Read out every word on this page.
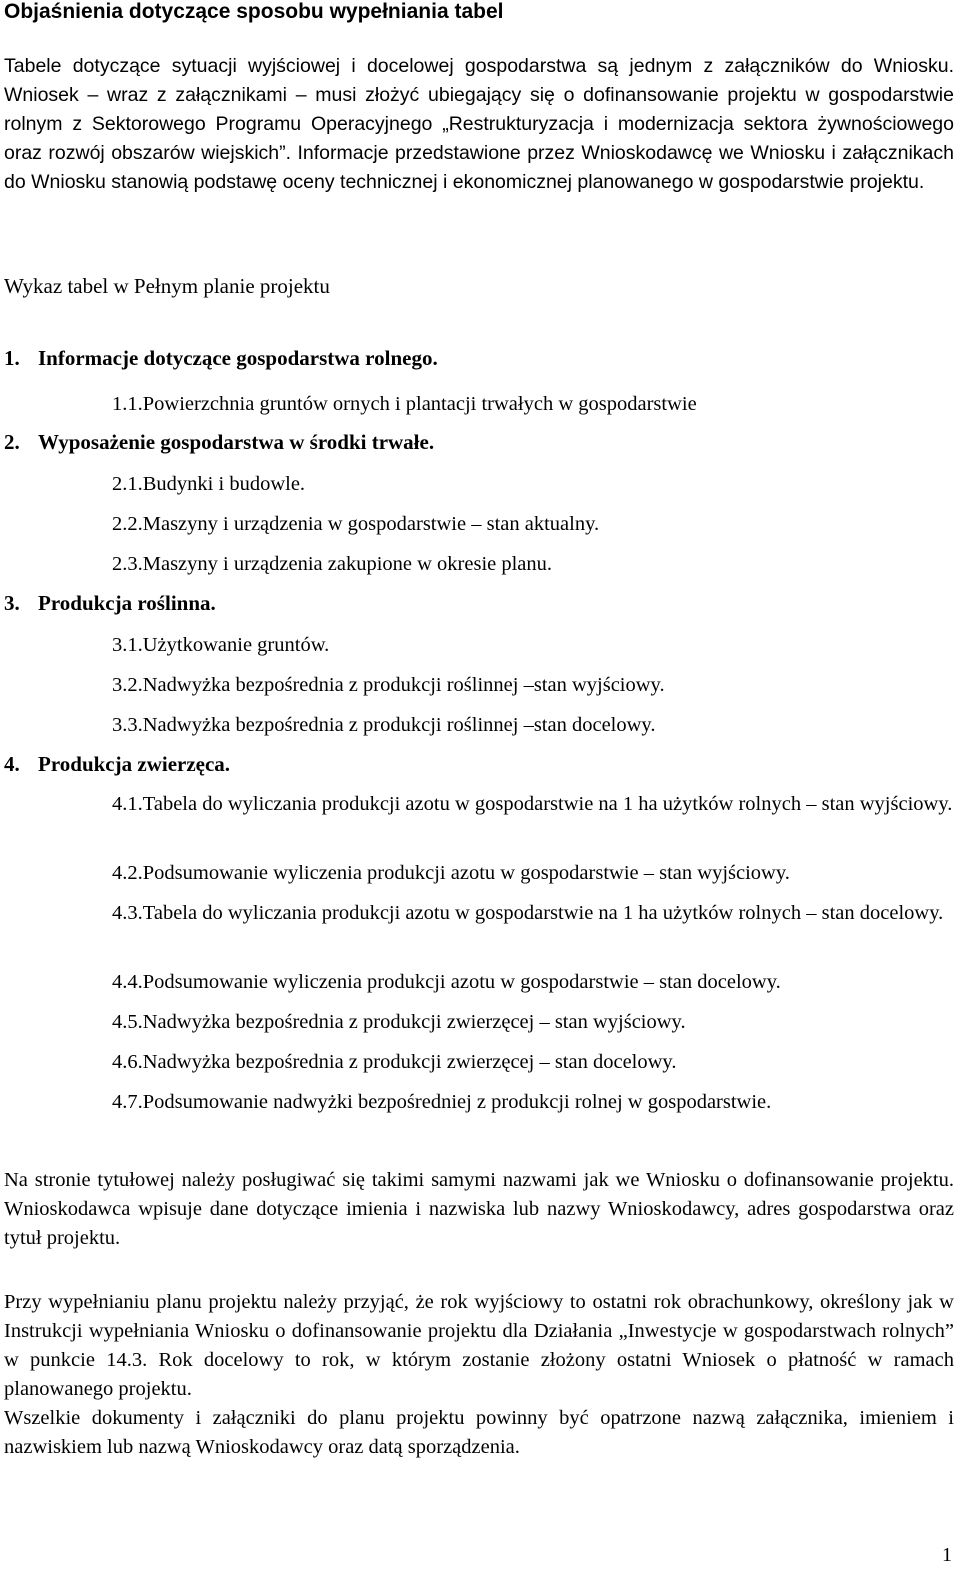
Objaśnienia dotyczące sposobu wypełniania tabel
Tabele dotyczące sytuacji wyjściowej i docelowej gospodarstwa są jednym z załączników do Wniosku. Wniosek – wraz z załącznikami – musi złożyć ubiegający się o dofinansowanie projektu w gospodarstwie rolnym z Sektorowego Programu Operacyjnego „Restrukturyzacja i modernizacja sektora żywnościowego oraz rozwój obszarów wiejskich”. Informacje przedstawione przez Wnioskodawcę we Wniosku i załącznikach do Wniosku stanowią podstawę oceny technicznej i ekonomicznej planowanego w gospodarstwie projektu.
Wykaz tabel w Pełnym planie projektu
1. Informacje dotyczące gospodarstwa rolnego.
1.1.Powierzchnia gruntów ornych i plantacji trwałych w gospodarstwie
2. Wyposażenie gospodarstwa w środki trwałe.
2.1.Budynki i budowle.
2.2.Maszyny i urządzenia w gospodarstwie – stan aktualny.
2.3.Maszyny i urządzenia zakupione w okresie planu.
3. Produkcja roślinna.
3.1.Użytkowanie gruntów.
3.2.Nadwyżka bezpośrednia z produkcji roślinnej –stan wyjściowy.
3.3.Nadwyżka bezpośrednia z produkcji roślinnej –stan docelowy.
4. Produkcja zwierzęca.
4.1.Tabela do wyliczania produkcji azotu w gospodarstwie na 1 ha użytków rolnych – stan wyjściowy.
4.2.Podsumowanie wyliczenia produkcji azotu w gospodarstwie – stan wyjściowy.
4.3.Tabela do wyliczania produkcji azotu w gospodarstwie na 1 ha użytków rolnych – stan docelowy.
4.4.Podsumowanie wyliczenia produkcji azotu w gospodarstwie – stan docelowy.
4.5.Nadwyżka bezpośrednia z produkcji zwierzęcej – stan wyjściowy.
4.6.Nadwyżka bezpośrednia z produkcji zwierzęcej – stan docelowy.
4.7.Podsumowanie nadwyżki bezpośredniej z produkcji rolnej w gospodarstwie.
Na stronie tytułowej należy posługiwać się takimi samymi nazwami jak we Wniosku o dofinansowanie projektu. Wnioskodawca wpisuje dane dotyczące imienia i nazwiska lub nazwy Wnioskodawcy, adres gospodarstwa oraz tytuł projektu.
Przy wypełnianiu planu projektu należy przyjąć, że rok wyjściowy to ostatni rok obrachunkowy, określony jak w Instrukcji wypełniania Wniosku o dofinansowanie projektu dla Działania „Inwestycje w gospodarstwach rolnych” w punkcie 14.3. Rok docelowy to rok, w którym zostanie złożony ostatni Wniosek o płatność w ramach planowanego projektu.
Wszelkie dokumenty i załączniki do planu projektu powinny być opatrzone nazwą załącznika, imieniem i nazwiskiem lub nazwą Wnioskodawcy oraz datą sporządzenia.
1
